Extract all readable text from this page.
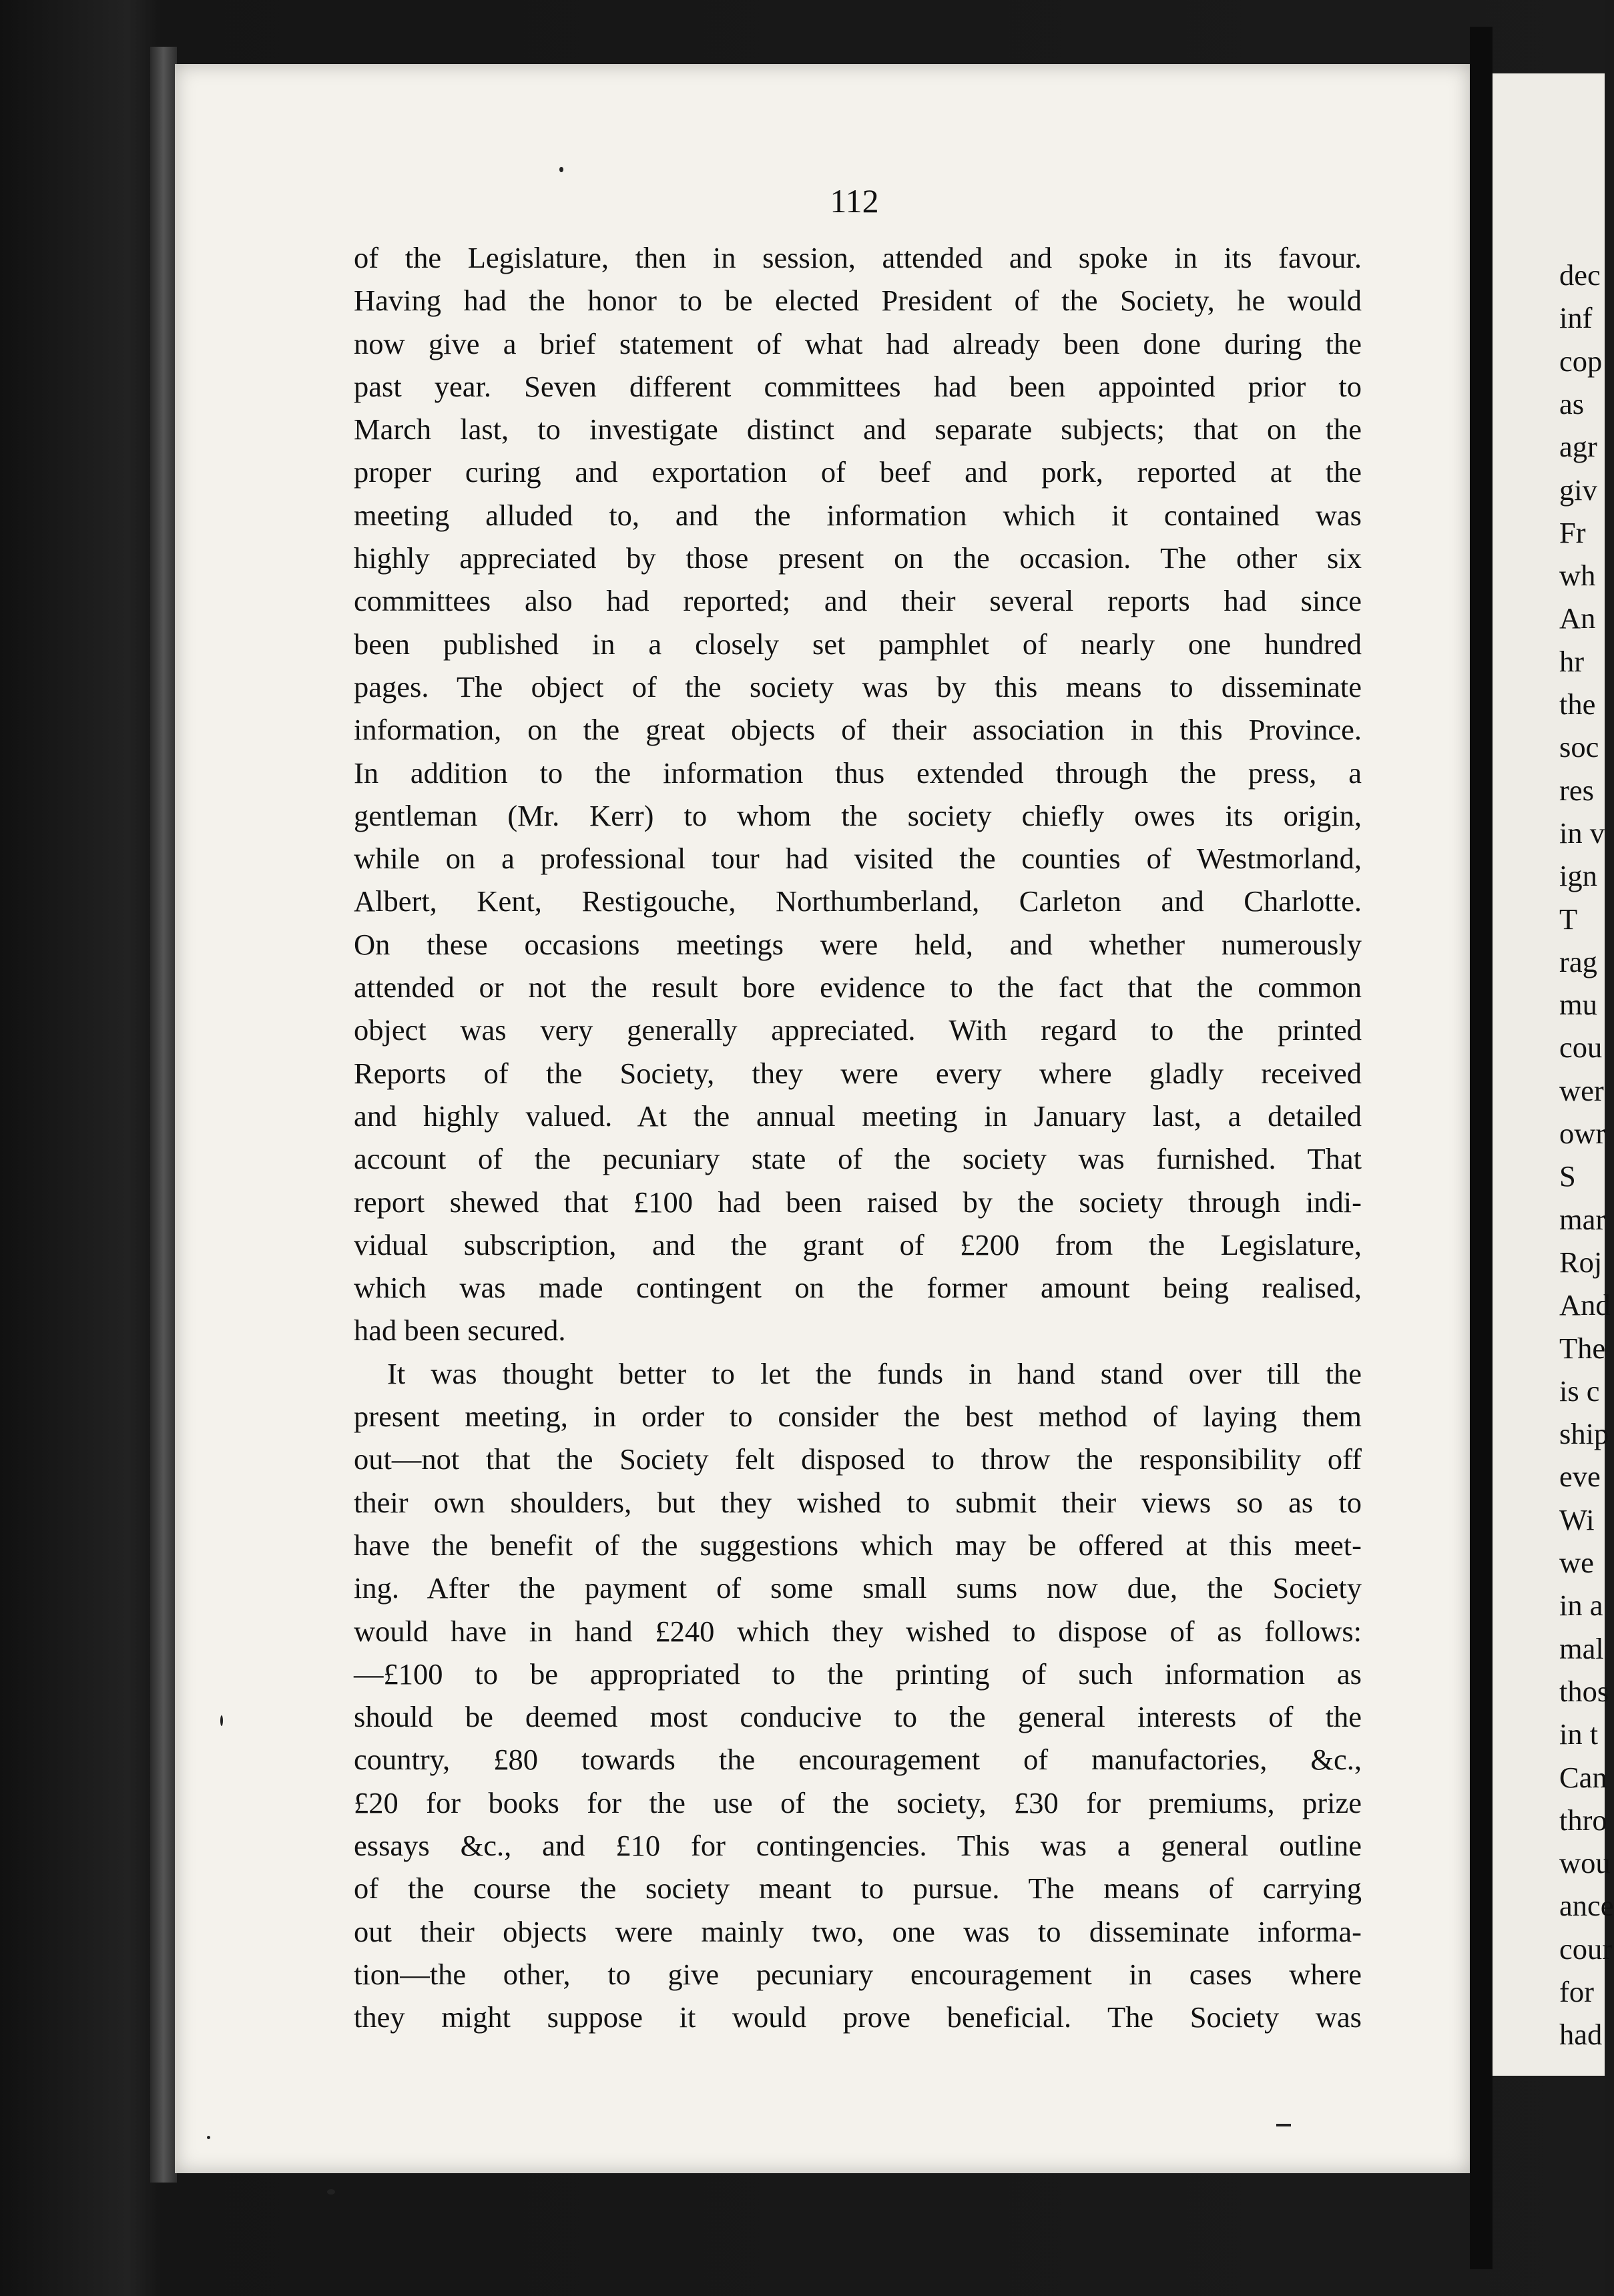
112
of the Legislature, then in session, attended and spoke in its favour.
Having had the honor to be elected President of the Society, he would
now give a brief statement of what had already been done during the
past year. Seven different committees had been appointed prior to
March last, to investigate distinct and separate subjects; that on the
proper curing and exportation of beef and pork, reported at the
meeting alluded to, and the information which it contained was
highly appreciated by those present on the occasion. The other six
committees also had reported; and their several reports had since
been published in a closely set pamphlet of nearly one hundred
pages. The object of the society was by this means to disseminate
information, on the great objects of their association in this Province.
In addition to the information thus extended through the press, a
gentleman (Mr. Kerr) to whom the society chiefly owes its origin,
while on a professional tour had visited the counties of Westmorland,
Albert, Kent, Restigouche, Northumberland, Carleton and Charlotte.
On these occasions meetings were held, and whether numerously
attended or not the result bore evidence to the fact that the common
object was very generally appreciated. With regard to the printed
Reports of the Society, they were every where gladly received
and highly valued. At the annual meeting in January last, a detailed
account of the pecuniary state of the society was furnished. That
report shewed that £100 had been raised by the society through indi-
vidual subscription, and the grant of £200 from the Legislature,
which was made contingent on the former amount being realised,
had been secured.
It was thought better to let the funds in hand stand over till the
present meeting, in order to consider the best method of laying them
out—not that the Society felt disposed to throw the responsibility off
their own shoulders, but they wished to submit their views so as to
have the benefit of the suggestions which may be offered at this meet-
ing. After the payment of some small sums now due, the Society
would have in hand £240 which they wished to dispose of as follows:
—£100 to be appropriated to the printing of such information as
should be deemed most conducive to the general interests of the
country, £80 towards the encouragement of manufactories, &c.,
£20 for books for the use of the society, £30 for premiums, prize
essays &c., and £10 for contingencies. This was a general outline
of the course the society meant to pursue. The means of carrying
out their objects were mainly two, one was to disseminate informa-
tion—the other, to give pecuniary encouragement in cases where
they might suppose it would prove beneficial. The Society was
dec
inf
cop
as
agr
giv
Fr
wh
An
hr
the
soc
res
in v
ign
T
rag
mu
cou
wer
owr
S
mar
Roj
And
The
is c
ship
eve
Wi
we
in a
mal
thos
in t
Can
thro
wou
ance
cour
for
had
